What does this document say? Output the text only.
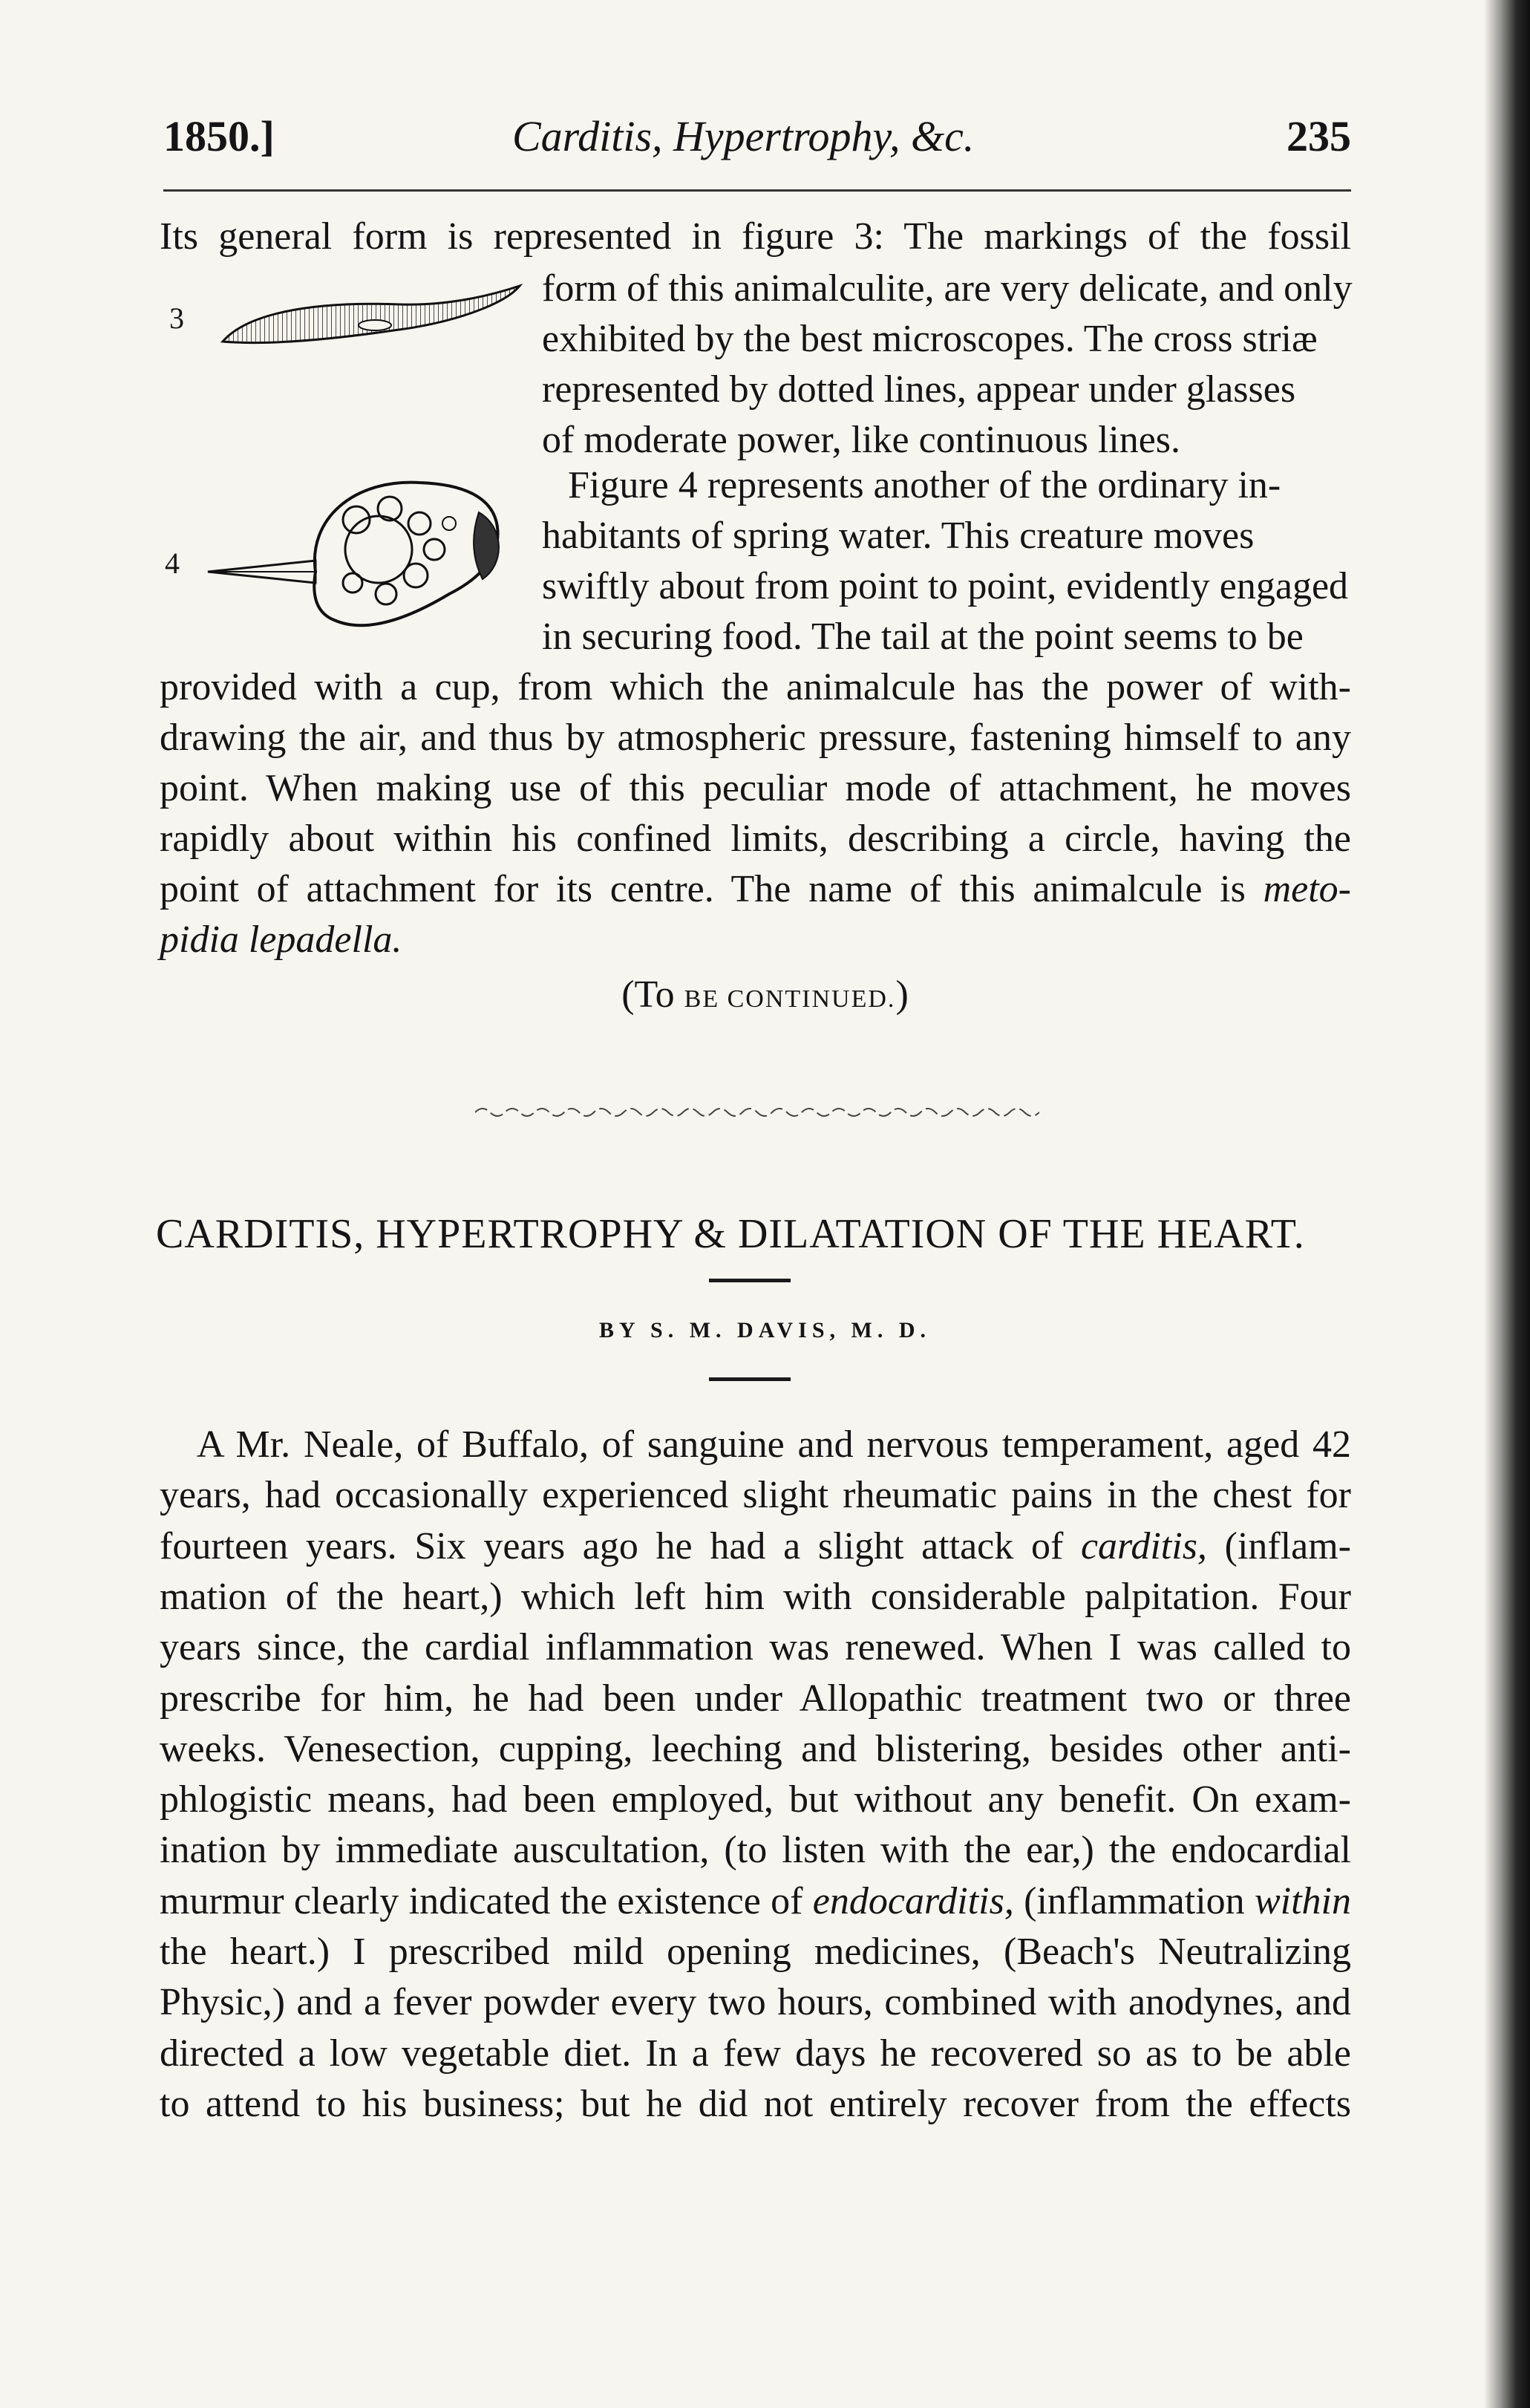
1850.]	Carditis, Hypertrophy, &c.	235
Its general form is represented in figure 3: The markings of the fossil
3
form of this animalculite, are very delicate, and only
exhibited by the best microscopes. The cross striæ
represented by dotted lines, appear under glasses
of moderate power, like continuous lines.
4
Figure 4 represents another of the ordinary in-
habitants of spring water. This creature moves
swiftly about from point to point, evidently engaged
in securing food. The tail at the point seems to be
provided with a cup, from which the animalcule has the power of with-
drawing the air, and thus by atmospheric pressure, fastening himself to any
point. When making use of this peculiar mode of attachment, he moves
rapidly about within his confined limits, describing a circle, having the
point of attachment for its centre. The name of this animalcule is meto-
pidia lepadella.
(To BE CONTINUED.)
CARDITIS, HYPERTROPHY & DILATATION OF THE HEART.
BY S. M. DAVIS, M. D.
A Mr. Neale, of Buffalo, of sanguine and nervous temperament, aged 42
years, had occasionally experienced slight rheumatic pains in the chest for
fourteen years. Six years ago he had a slight attack of carditis, (inflam-
mation of the heart,) which left him with considerable palpitation. Four
years since, the cardial inflammation was renewed. When I was called to
prescribe for him, he had been under Allopathic treatment two or three
weeks. Venesection, cupping, leeching and blistering, besides other anti-
phlogistic means, had been employed, but without any benefit. On exam-
ination by immediate auscultation, (to listen with the ear,) the endocardial
murmur clearly indicated the existence of endocarditis, (inflammation within
the heart.) I prescribed mild opening medicines, (Beach's Neutralizing
Physic,) and a fever powder every two hours, combined with anodynes, and
directed a low vegetable diet. In a few days he recovered so as to be able
to attend to his business; but he did not entirely recover from the effects
